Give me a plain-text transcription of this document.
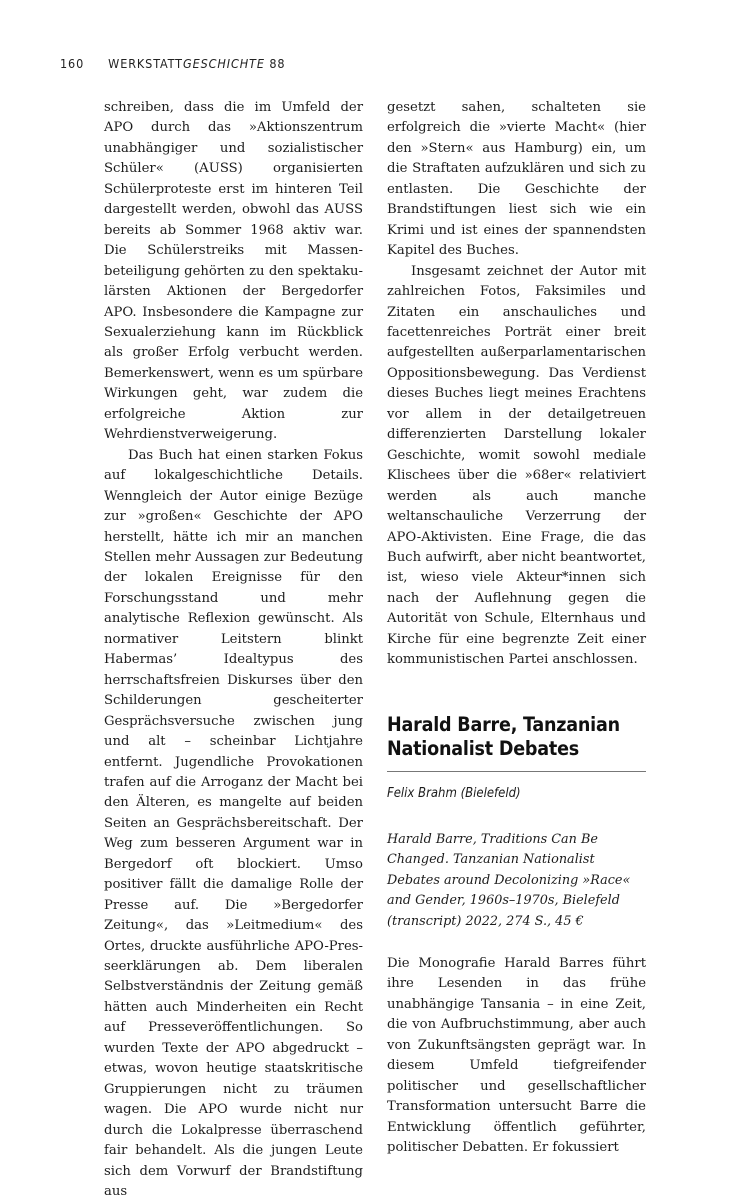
160 WERKSTATTGESCHICHTE 88

schreiben, dass die im Umfeld der APO durch das »Aktionszentrum unabhängiger und sozialistischer Schüler« (AUSS) organisierten Schülerproteste erst im hinteren Teil dargestellt werden, obwohl das AUSS bereits ab Sommer 1968 aktiv war. Die Schülerstreiks mit Massenbeteiligung gehörten zu den spektakulärsten Aktionen der Bergedorfer APO. Insbesondere die Kampagne zur Sexualerziehung kann im Rückblick als großer Erfolg verbucht werden. Bemerkenswert, wenn es um spürbare Wirkungen geht, war zudem die erfolgreiche Aktion zur Wehrdienstverweigerung.

Das Buch hat einen starken Fokus auf lokalgeschichtliche Details. Wenngleich der Autor einige Bezüge zur »großen« Geschichte der APO herstellt, hätte ich mir an manchen Stellen mehr Aussagen zur Bedeutung der lokalen Ereignisse für den Forschungsstand und mehr analytische Reflexion gewünscht. Als normativer Leitstern blinkt Habermas’ Idealtypus des herrschaftsfreien Diskurses über den Schilderungen gescheiterter Gesprächsversuche zwischen jung und alt – scheinbar Lichtjahre entfernt. Jugendliche Provokationen trafen auf die Arroganz der Macht bei den Älteren, es mangelte auf beiden Seiten an Gesprächsbereitschaft. Der Weg zum besseren Argument war in Bergedorf oft blockiert. Umso positiver fällt die damalige Rolle der Presse auf. Die »Bergedorfer Zeitung«, das »Leitmedium« des Ortes, druckte ausführliche APO-Presseerklärungen ab. Dem liberalen Selbstverständnis der Zeitung gemäß hätten auch Minderheiten ein Recht auf Presseveröffentlichungen. So wurden Texte der APO abgedruckt – etwas, wovon heutige staatskritische Gruppierungen nicht zu träumen wagen. Die APO wurde nicht nur durch die Lokalpresse überraschend fair behandelt. Als die jungen Leute sich dem Vorwurf der Brandstiftung aus

gesetzt sahen, schalteten sie erfolgreich die »vierte Macht« (hier den »Stern« aus Hamburg) ein, um die Straftaten aufzuklären und sich zu entlasten. Die Geschichte der Brandstiftungen liest sich wie ein Krimi und ist eines der spannendsten Kapitel des Buches.

Insgesamt zeichnet der Autor mit zahlreichen Fotos, Faksimiles und Zitaten ein anschauliches und facettenreiches Porträt einer breit aufgestellten außerparlamentarischen Oppositionsbewegung. Das Verdienst dieses Buches liegt meines Erachtens vor allem in der detailgetreuen differenzierten Darstellung lokaler Geschichte, womit sowohl mediale Klischees über die »68er« relativiert werden als auch manche weltanschauliche Verzerrung der APO-Aktivisten. Eine Frage, die das Buch aufwirft, aber nicht beantwortet, ist, wieso viele Akteur*innen sich nach der Auflehnung gegen die Autorität von Schule, Elternhaus und Kirche für eine begrenzte Zeit einer kommunistischen Partei anschlossen.

Harald Barre, Tanzanian Nationalist Debates
Felix Brahm (Bielefeld)

Harald Barre, Traditions Can Be Changed. Tanzanian Nationalist Debates around Decolonizing »Race« and Gender, 1960s–1970s, Bielefeld (transcript) 2022, 274 S., 45 €

Die Monografie Harald Barres führt ihre Lesenden in das frühe unabhängige Tansania – in eine Zeit, die von Aufbruchstimmung, aber auch von Zukunftsängsten geprägt war. In diesem Umfeld tiefgreifender politischer und gesellschaftlicher Transformation untersucht Barre die Entwicklung öffentlich geführter, politischer Debatten. Er fokussiert
